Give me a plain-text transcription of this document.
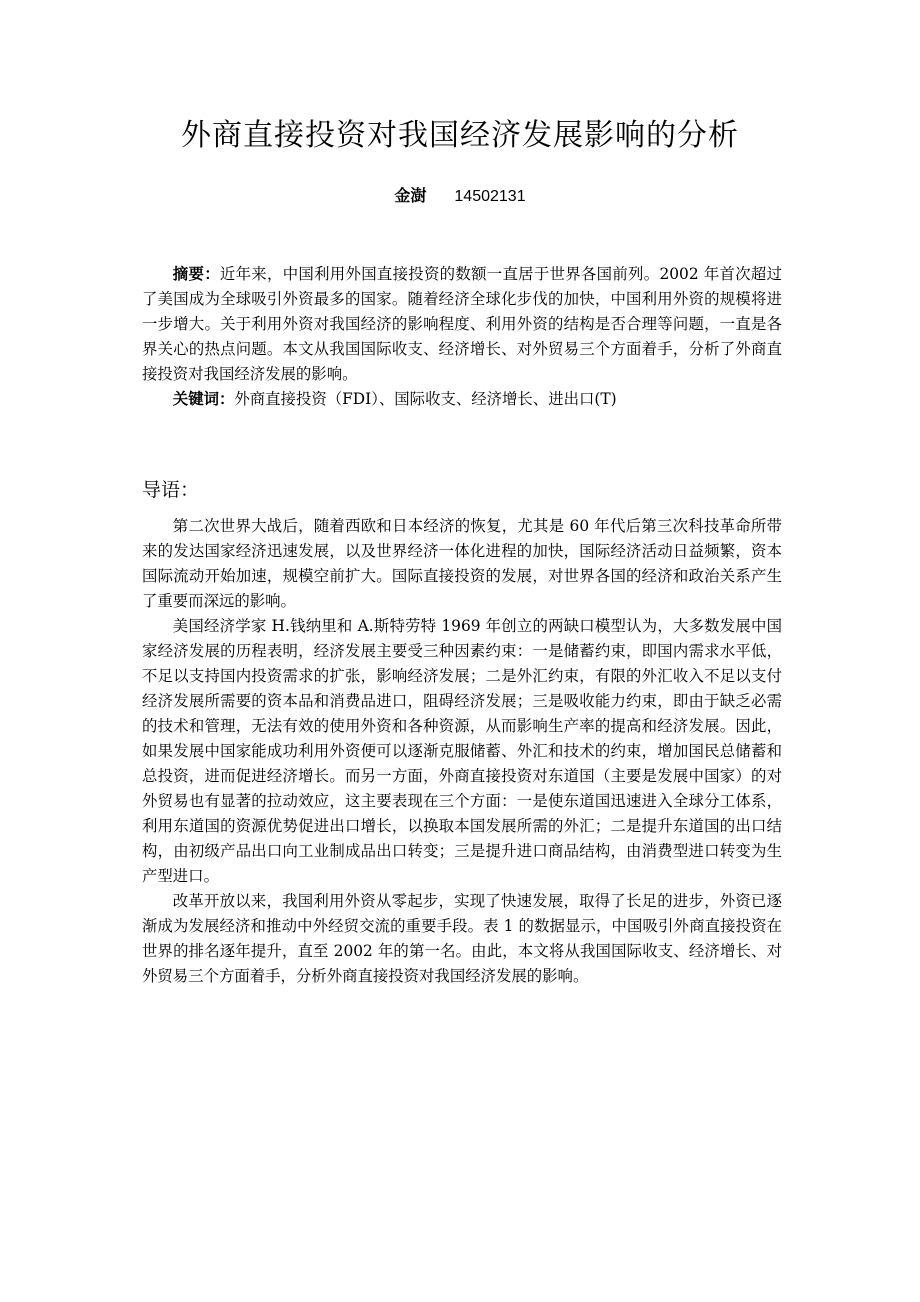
外商直接投资对我国经济发展影响的分析
金澍 14502131

摘要：近年来，中国利用外国直接投资的数额一直居于世界各国前列。2002 年首次超过了美国成为全球吸引外资最多的国家。随着经济全球化步伐的加快，中国利用外资的规模将进一步增大。关于利用外资对我国经济的影响程度、利用外资的结构是否合理等问题，一直是各界关心的热点问题。本文从我国国际收支、经济增长、对外贸易三个方面着手，分析了外商直接投资对我国经济发展的影响。

关键词：外商直接投资（FDI）、国际收支、经济增长、进出口(T)

导语：

第二次世界大战后，随着西欧和日本经济的恢复，尤其是 60 年代后第三次科技革命所带来的发达国家经济迅速发展，以及世界经济一体化进程的加快，国际经济活动日益频繁，资本国际流动开始加速，规模空前扩大。国际直接投资的发展，对世界各国的经济和政治关系产生了重要而深远的影响。

美国经济学家 H.钱纳里和 A.斯特劳特 1969 年创立的两缺口模型认为，大多数发展中国家经济发展的历程表明，经济发展主要受三种因素约束：一是储蓄约束，即国内需求水平低，不足以支持国内投资需求的扩张，影响经济发展；二是外汇约束，有限的外汇收入不足以支付经济发展所需要的资本品和消费品进口，阻碍经济发展；三是吸收能力约束，即由于缺乏必需的技术和管理，无法有效的使用外资和各种资源，从而影响生产率的提高和经济发展。因此，如果发展中国家能成功利用外资便可以逐渐克服储蓄、外汇和技术的约束，增加国民总储蓄和总投资，进而促进经济增长。而另一方面，外商直接投资对东道国（主要是发展中国家）的对外贸易也有显著的拉动效应，这主要表现在三个方面：一是使东道国迅速进入全球分工体系，利用东道国的资源优势促进出口增长，以换取本国发展所需的外汇；二是提升东道国的出口结构，由初级产品出口向工业制成品出口转变；三是提升进口商品结构，由消费型进口转变为生产型进口。

改革开放以来，我国利用外资从零起步，实现了快速发展，取得了长足的进步，外资已逐渐成为发展经济和推动中外经贸交流的重要手段。表 1 的数据显示，中国吸引外商直接投资在世界的排名逐年提升，直至 2002 年的第一名。由此，本文将从我国国际收支、经济增长、对外贸易三个方面着手，分析外商直接投资对我国经济发展的影响。
